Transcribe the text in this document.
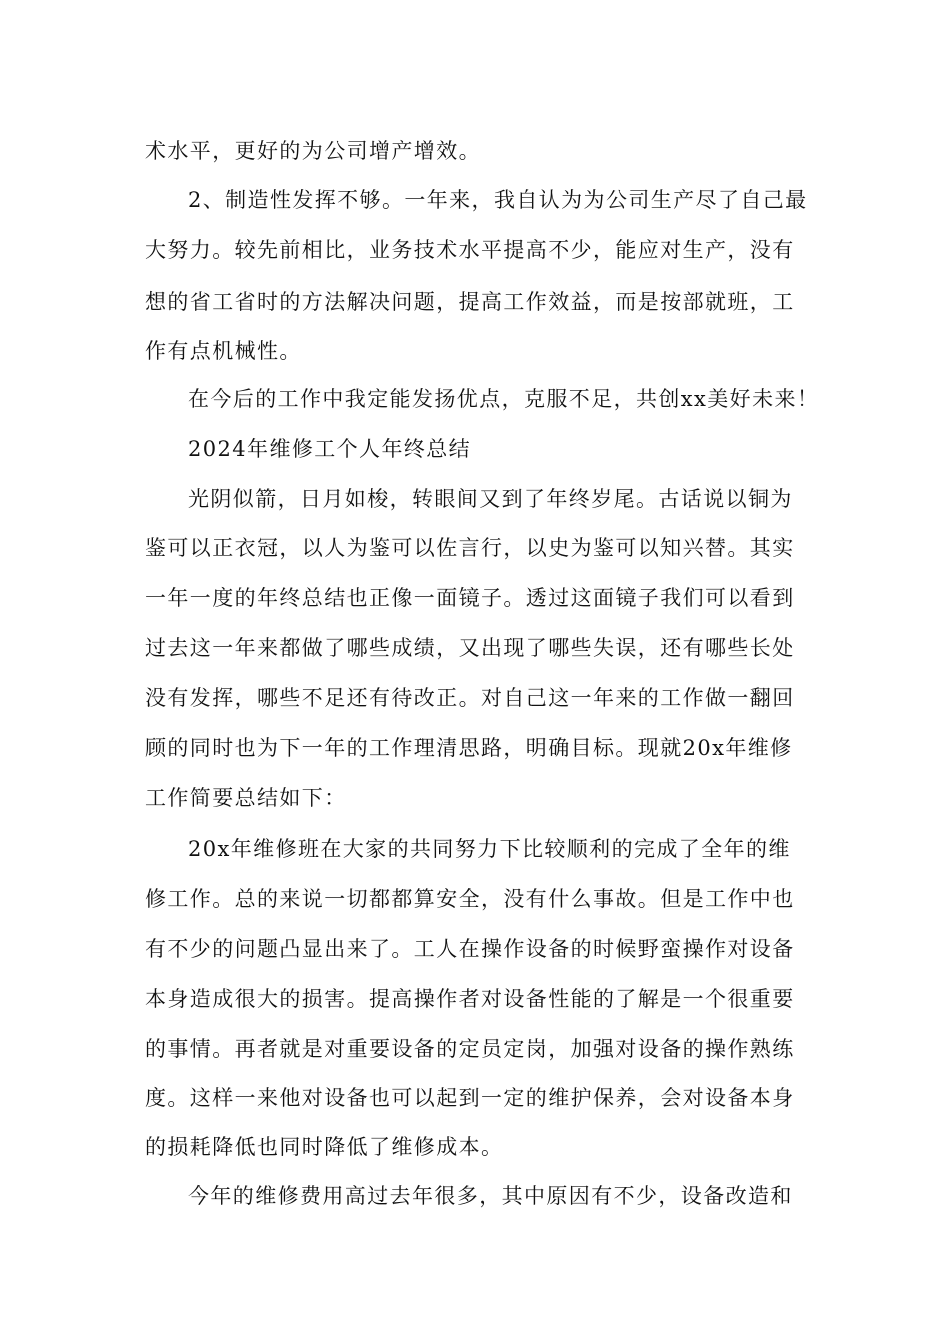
术水平，更好的为公司增产增效。
2、制造性发挥不够。一年来，我自认为为公司生产尽了自己最
大努力。较先前相比，业务技术水平提高不少，能应对生产，没有
想的省工省时的方法解决问题，提高工作效益，而是按部就班，工
作有点机械性。
在今后的工作中我定能发扬优点，克服不足，共创xx美好未来！
2024年维修工个人年终总结
光阴似箭，日月如梭，转眼间又到了年终岁尾。古话说以铜为
鉴可以正衣冠，以人为鉴可以佐言行，以史为鉴可以知兴替。其实
一年一度的年终总结也正像一面镜子。透过这面镜子我们可以看到
过去这一年来都做了哪些成绩，又出现了哪些失误，还有哪些长处
没有发挥，哪些不足还有待改正。对自己这一年来的工作做一翻回
顾的同时也为下一年的工作理清思路，明确目标。现就20x年维修
工作简要总结如下：
20x年维修班在大家的共同努力下比较顺利的完成了全年的维
修工作。总的来说一切都都算安全，没有什么事故。但是工作中也
有不少的问题凸显出来了。工人在操作设备的时候野蛮操作对设备
本身造成很大的损害。提高操作者对设备性能的了解是一个很重要
的事情。再者就是对重要设备的定员定岗，加强对设备的操作熟练
度。这样一来他对设备也可以起到一定的维护保养，会对设备本身
的损耗降低也同时降低了维修成本。
今年的维修费用高过去年很多，其中原因有不少，设备改造和
